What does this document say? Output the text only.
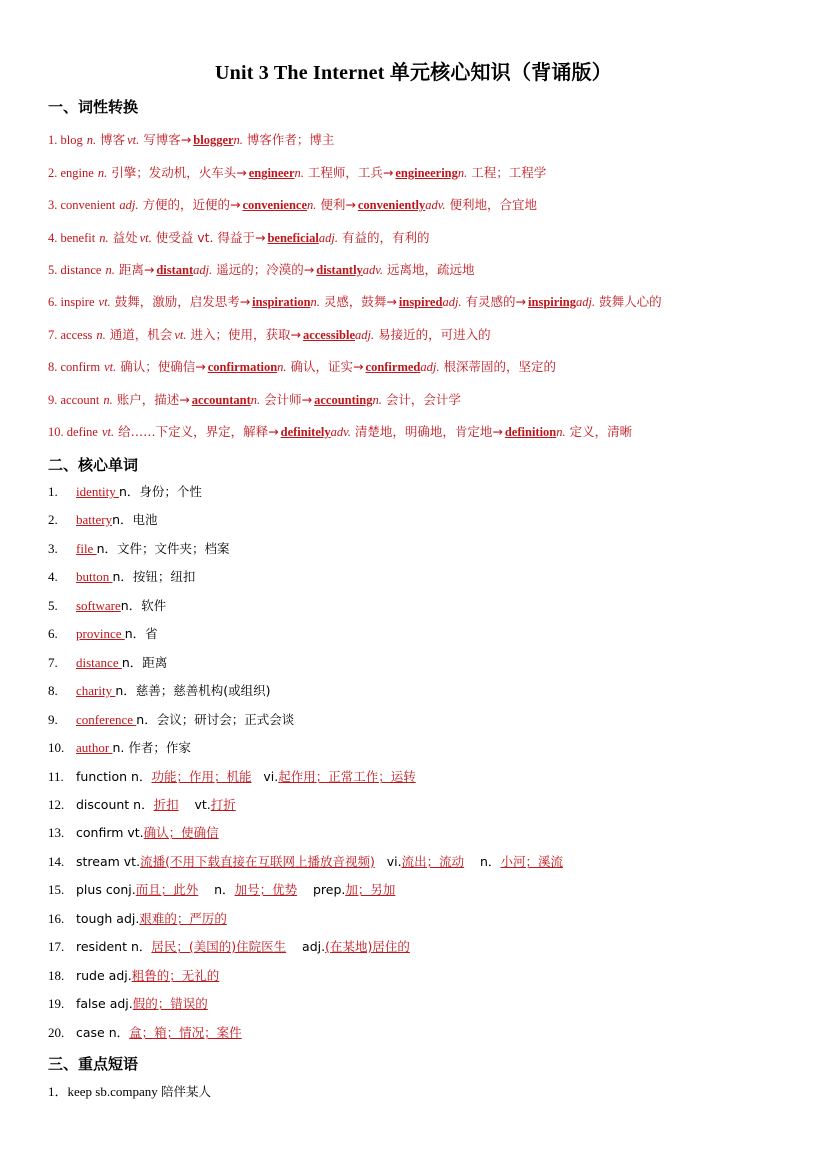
Unit 3 The Internet 单元核心知识（背诵版）
一、词性转换
1. blog n. 博客 vt. 写博客→ bloggern. 博客作者；博主
2. engine n. 引擎；发动机，火车头→ engineern. 工程师，工兵→ engineeringn. 工程；工程学
3. convenient adj. 方便的，近便的→ conveniencen. 便利→ convenientlyadv. 便利地，合宜地
4. benefit n. 益处 vt. 使受益 vt. 得益于→ beneficialadj. 有益的，有利的
5. distance n. 距离→ distantadj. 遥远的；冷漠的→ distantlyadv. 远离地，疏远地
6. inspire vt. 鼓舞，激励，启发思考→ inspirationn. 灵感，鼓舞→ inspiredadj. 有灵感的→ inspiringadj. 鼓舞人心的
7. access n. 通道，机会 vt. 进入；使用，获取→ accessibleadj. 易接近的，可进入的
8. confirm vt. 确认；使确信→ confirmationn. 确认，证实→ confirmedadj. 根深蒂固的，坚定的
9. account n. 账户，描述→ accountantn. 会计师→ accountingn. 会计，会计学
10. define vt. 给……下定义，界定，解释→ definitelyadv. 清楚地，明确地，肯定地→ definitionn. 定义，清晰
二、核心单词
1. identity n．身份；个性
2. batteryn．电池
3. file n．文件；文件夹；档案
4. button n．按钮；纽扣
5. softwaren．软件
6. province n．省
7. distance n．距离
8. charity n．慈善；慈善机构(或组织)
9. conference n．会议；研讨会；正式会谈
10. author n. 作者；作家
11. function n．功能；作用；机能   vi.起作用；正常工作；运转
12. discount n．折扣    vt.打折
13. confirm vt.确认；使确信
14. stream vt.流播(不用下载直接在互联网上播放音视频)   vi.流出；流动    n．小河；溪流
15. plus conj.而且；此外    n．加号；优势    prep.加；另加
16. tough adj.艰难的；严厉的
17. resident n．居民；(美国的)住院医生    adj.(在某地)居住的
18. rude adj.粗鲁的；无礼的
19. false adj.假的；错误的
20. case n．盒；箱；情况；案件
三、重点短语
1．keep sb.company 陪伴某人
